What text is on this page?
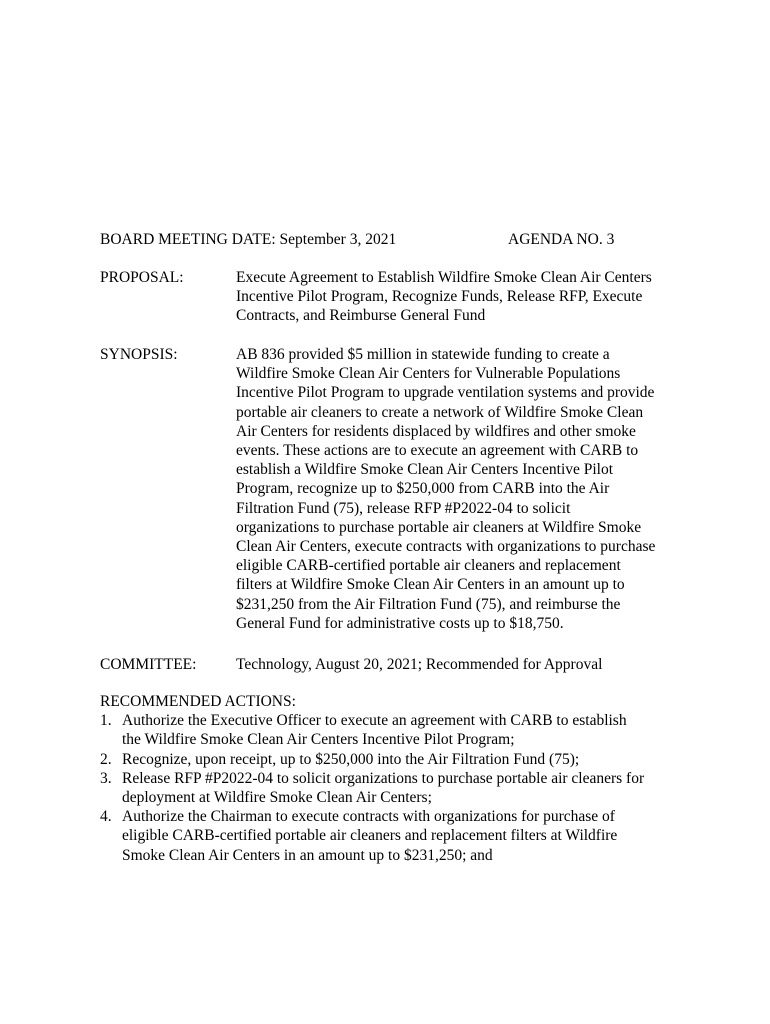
BOARD MEETING DATE: September 3, 2021	AGENDA NO. 3
PROPOSAL:	Execute Agreement to Establish Wildfire Smoke Clean Air Centers
Incentive Pilot Program, Recognize Funds, Release RFP, Execute
Contracts, and Reimburse General Fund
SYNOPSIS:	AB 836 provided $5 million in statewide funding to create a
Wildfire Smoke Clean Air Centers for Vulnerable Populations
Incentive Pilot Program to upgrade ventilation systems and provide
portable air cleaners to create a network of Wildfire Smoke Clean
Air Centers for residents displaced by wildfires and other smoke
events. These actions are to execute an agreement with CARB to
establish a Wildfire Smoke Clean Air Centers Incentive Pilot
Program, recognize up to $250,000 from CARB into the Air
Filtration Fund (75), release RFP #P2022-04 to solicit
organizations to purchase portable air cleaners at Wildfire Smoke
Clean Air Centers, execute contracts with organizations to purchase
eligible CARB-certified portable air cleaners and replacement
filters at Wildfire Smoke Clean Air Centers in an amount up to
$231,250 from the Air Filtration Fund (75), and reimburse the
General Fund for administrative costs up to $18,750.
COMMITTEE:	Technology, August 20, 2021; Recommended for Approval
RECOMMENDED ACTIONS:
1. Authorize the Executive Officer to execute an agreement with CARB to establish
the Wildfire Smoke Clean Air Centers Incentive Pilot Program;
2. Recognize, upon receipt, up to $250,000 into the Air Filtration Fund (75);
3. Release RFP #P2022-04 to solicit organizations to purchase portable air cleaners for
deployment at Wildfire Smoke Clean Air Centers;
4. Authorize the Chairman to execute contracts with organizations for purchase of
eligible CARB-certified portable air cleaners and replacement filters at Wildfire
Smoke Clean Air Centers in an amount up to $231,250; and
